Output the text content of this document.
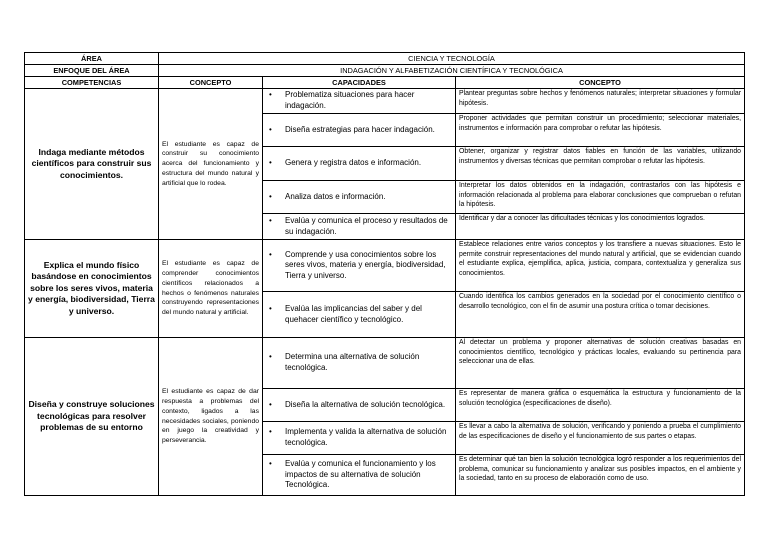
ÁREA	CIENCIA Y TECNOLOGÍA		
ENFOQUE DEL ÁREA	INDAGACIÓN Y ALFABETIZACIÓN CIENTÍFICA Y TECNOLÓGICA		
COMPETENCIAS	CONCEPTO	CAPACIDADES	CONCEPTO
Indaga mediante métodos científicos para construir sus conocimientos.	El estudiante es capaz de construir su conocimiento acerca del funcionamiento y estructura del mundo natural y artificial que lo rodea.	• Problematiza situaciones para hacer indagación.	Plantear preguntas sobre hechos y fenómenos naturales; interpretar situaciones y formular hipótesis.

		• Diseña estrategias para hacer indagación.	Proponer actividades que permitan construir un procedimiento; seleccionar materiales, instrumentos e información para comprobar o refutar las hipótesis.

		• Genera y registra datos e información.	Obtener, organizar y registrar datos fiables en función de las variables, utilizando instrumentos y diversas técnicas que permitan comprobar o refutar las hipótesis.

		• Analiza datos e información.	Interpretar los datos obtenidos en la indagación, contrastarlos con las hipótesis e información relacionada al problema para elaborar conclusiones que comprueban o refutan la hipótesis.

		• Evalúa y comunica el proceso y resultados de su indagación.	Identificar y dar a conocer las dificultades técnicas y los conocimientos logrados.
Explica el mundo físico basándose en conocimientos sobre los seres vivos, materia y energía, biodiversidad, Tierra y universo.	El estudiante es capaz de comprender conocimientos científicos relacionados a hechos o fenómenos naturales construyendo representaciones del mundo natural y artificial.	• Comprende y usa conocimientos sobre los seres vivos, materia y energía, biodiversidad, Tierra y universo.	Establece relaciones entre varios conceptos y los transfiere a nuevas situaciones. Esto le permite construir representaciones del mundo natural y artificial, que se evidencian cuando el estudiante explica, ejemplifica, aplica, justicia, compara, contextualiza y generaliza sus conocimientos.

		• Evalúa las implicancias del saber y del quehacer científico y tecnológico.	Cuando identifica los cambios generados en la sociedad por el conocimiento científico o desarrollo tecnológico, con el fin de asumir una postura crítica o tomar decisiones.
Diseña y construye soluciones tecnológicas para resolver problemas de su entorno	El estudiante es capaz de dar respuesta a problemas del contexto, ligados a las necesidades sociales, poniendo en juego la creatividad y perseverancia.	• Determina una alternativa de solución tecnológica.	Al detectar un problema y proponer alternativas de solución creativas basadas en conocimientos científico, tecnológico y prácticas locales, evaluando su pertinencia para seleccionar una de ellas.

		• Diseña la alternativa de solución tecnológica.	Es representar de manera gráfica o esquemática la estructura y funcionamiento de la solución tecnológica (especificaciones de diseño).

		• Implementa y valida la alternativa de solución tecnológica.	Es llevar a cabo la alternativa de solución, verificando y poniendo a prueba el cumplimiento de las especificaciones de diseño y el funcionamiento de sus partes o etapas.

		• Evalúa y comunica el funcionamiento y los impactos de su alternativa de solución Tecnológica.	Es determinar qué tan bien la solución tecnológica logró responder a los requerimientos del problema, comunicar su funcionamiento y analizar sus posibles impactos, en el ambiente y la sociedad, tanto en su proceso de elaboración como de uso.
